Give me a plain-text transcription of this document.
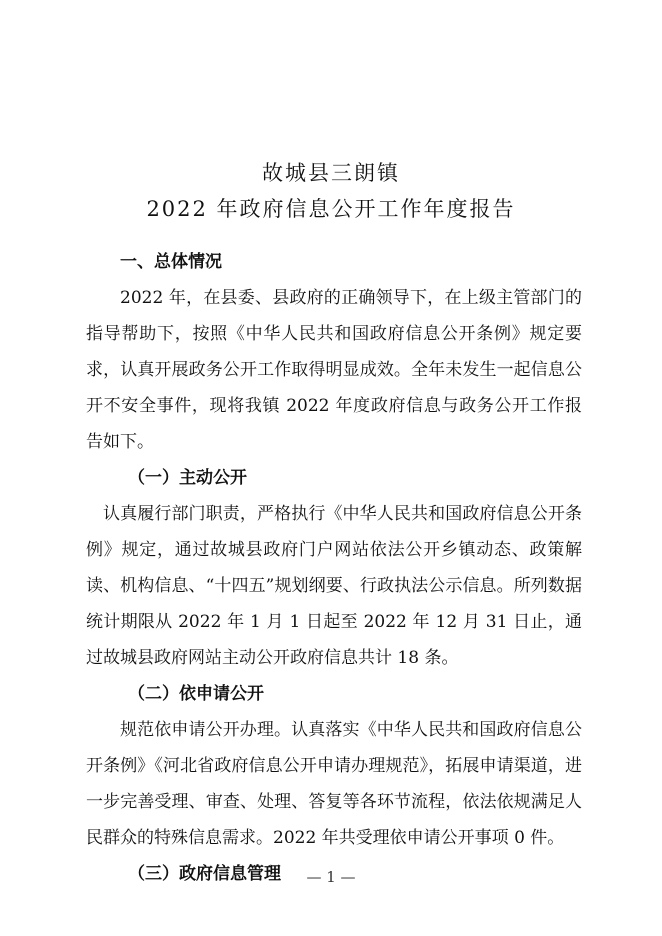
故城县三朗镇
2022 年政府信息公开工作年度报告

一、总体情况

2022 年，在县委、县政府的正确领导下，在上级主管部门的指导帮助下，按照《中华人民共和国政府信息公开条例》规定要求，认真开展政务公开工作取得明显成效。全年未发生一起信息公开不安全事件，现将我镇 2022 年度政府信息与政务公开工作报告如下。

（一）主动公开

认真履行部门职责，严格执行《中华人民共和国政府信息公开条例》规定，通过故城县政府门户网站依法公开乡镇动态、政策解读、机构信息、“十四五”规划纲要、行政执法公示信息。所列数据统计期限从 2022 年 1 月 1 日起至 2022 年 12 月 31 日止，通过故城县政府网站主动公开政府信息共计 18 条。

（二）依申请公开

规范依申请公开办理。认真落实《中华人民共和国政府信息公开条例》《河北省政府信息公开申请办理规范》，拓展申请渠道，进一步完善受理、审查、处理、答复等各环节流程，依法依规满足人民群众的特殊信息需求。2022 年共受理依申请公开事项 0 件。

（三）政府信息管理	— 1 —
